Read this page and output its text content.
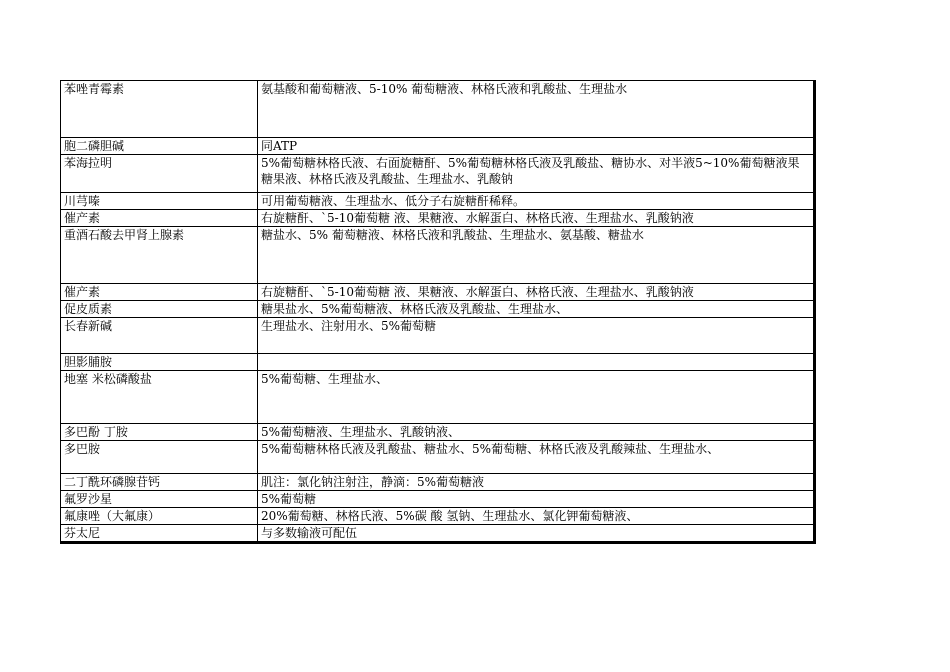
苯唑青霉素	氨基酸和葡萄糖液、5-10% 葡萄糖液、林格氏液和乳酸盐、生理盐水
胞二磷胆碱	同ATP
苯海拉明	5%葡萄糖林格氏液、右面旋糖酐、5%葡萄糖林格氏液及乳酸盐、糖协水、对半液5~10%葡萄糖液果糖果液、林格氏液及乳酸盐、生理盐水、乳酸钠
川芎嗪	可用葡萄糖液、生理盐水、低分子右旋糖酐稀释。
催产素	右旋糖酐、`5-10葡萄糖 液、果糖液、水解蛋白、林格氏液、生理盐水、乳酸钠液
重酒石酸去甲肾上腺素	糖盐水、5% 葡萄糖液、林格氏液和乳酸盐、生理盐水、氨基酸、糖盐水
催产素	右旋糖酐、`5-10葡萄糖 液、果糖液、水解蛋白、林格氏液、生理盐水、乳酸钠液
促皮质素	糖果盐水、5%葡萄糖液、林格氏液及乳酸盐、生理盐水、
长春新碱	生理盐水、注射用水、5%葡萄糖
胆影脯胺	
地塞 米松磷酸盐	5%葡萄糖、生理盐水、
多巴酚 丁胺	5%葡萄糖液、生理盐水、乳酸钠液、
多巴胺	5%葡萄糖林格氏液及乳酸盐、糖盐水、5%葡萄糖、林格氏液及乳酸辣盐、生理盐水、
二丁酰环磷腺苷钙	肌注：氯化钠注射注，静滴：5%葡萄糖液
氟罗沙星	5%葡萄糖
氟康唑（大氟康）	20%葡萄糖、林格氏液、5%碳 酸 氢钠、生理盐水、氯化钾葡萄糖液、
芬太尼	与多数输液可配伍
